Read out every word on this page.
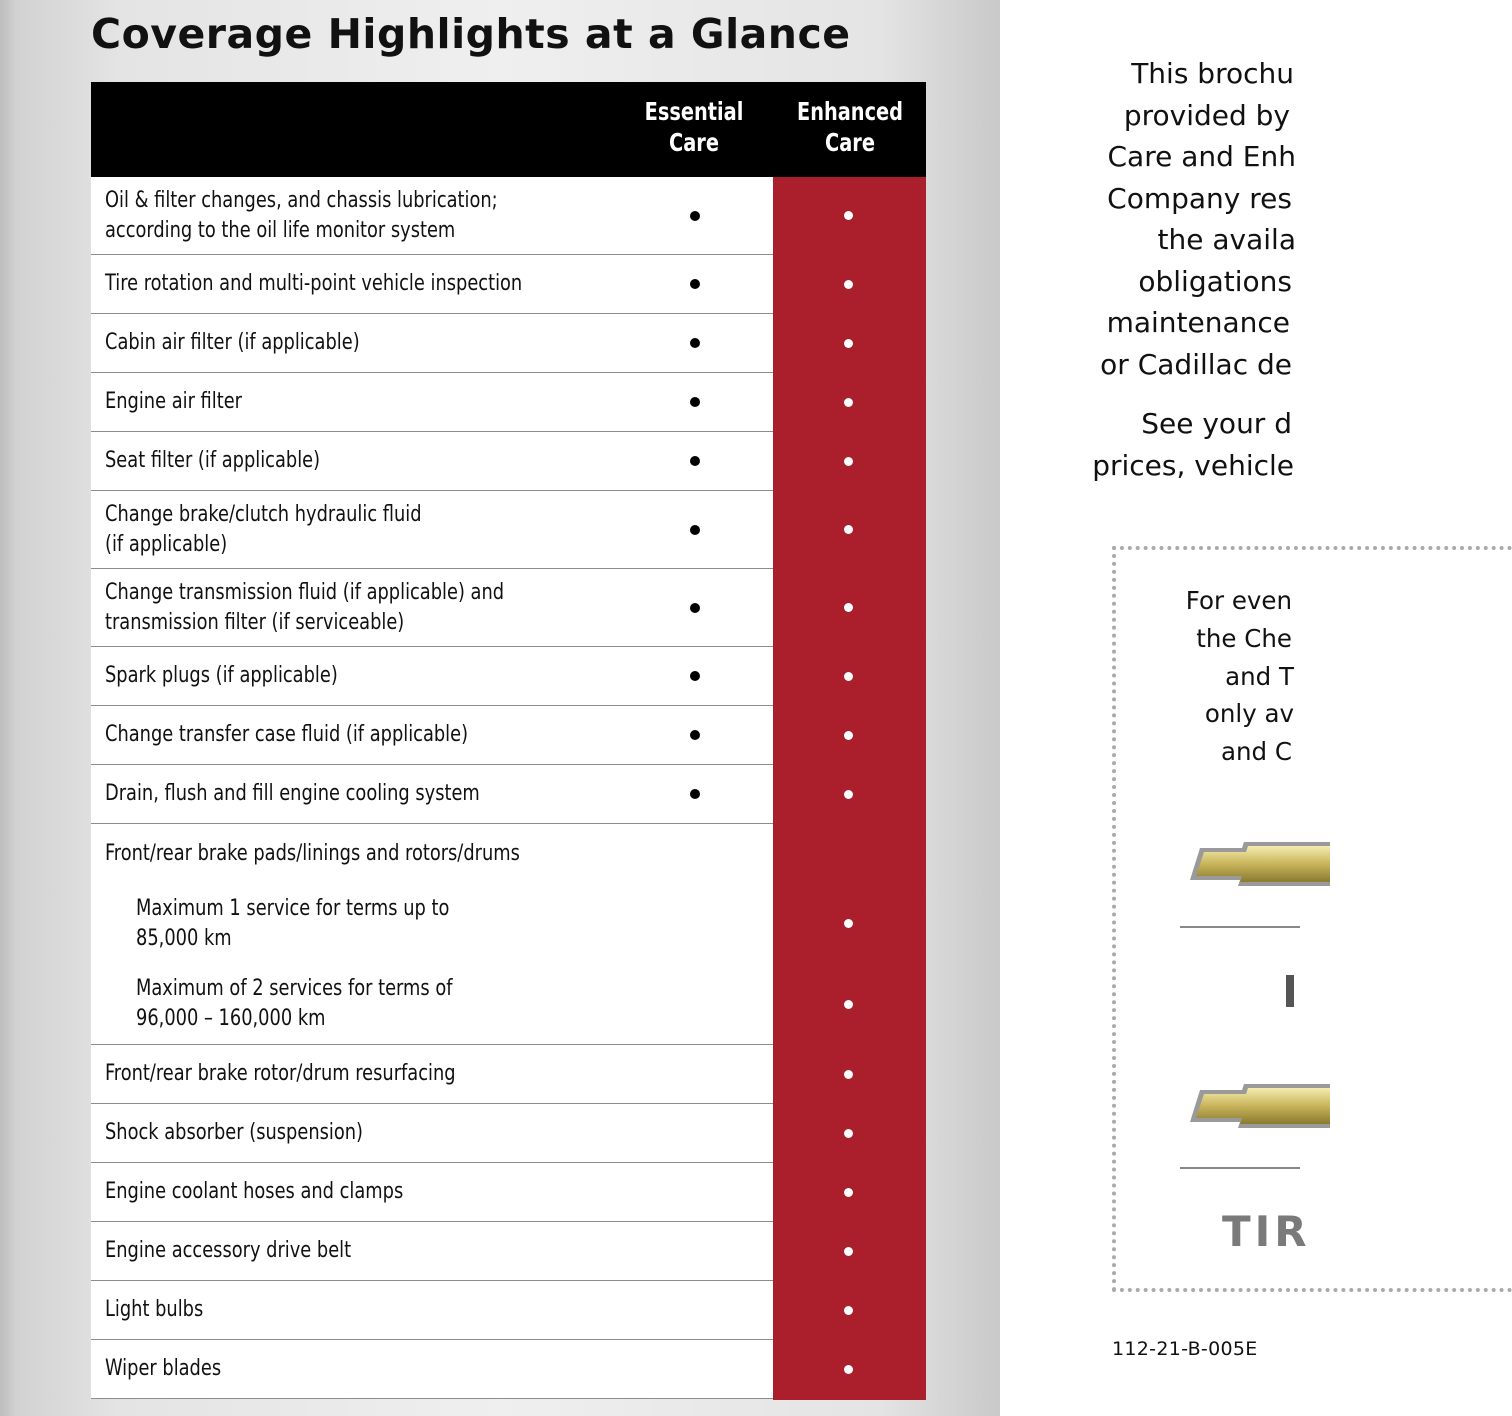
Coverage Highlights at a Glance
Essential
Care
Enhanced
Care
Oil & filter changes, and chassis lubrication;
according to the oil life monitor system
Tire rotation and multi-point vehicle inspection
Cabin air filter (if applicable)
Engine air filter
Seat filter (if applicable)
Change brake/clutch hydraulic fluid
(if applicable)
Change transmission fluid (if applicable) and
transmission filter (if serviceable)
Spark plugs (if applicable)
Change transfer case fluid (if applicable)
Drain, flush and fill engine cooling system
Front/rear brake pads/linings and rotors/drums
Maximum 1 service for terms up to
85,000 km
Maximum of 2 services for terms of
96,000 – 160,000 km
Front/rear brake rotor/drum resurfacing
Shock absorber (suspension)
Engine coolant hoses and clamps
Engine accessory drive belt
Light bulbs
Wiper blades
This brochu
provided by
Care and Enh
Company res
the availa
obligations
maintenance
or Cadillac de
See your d
prices, vehicle
For even
the Che
and T
only av
and C
TIR
112-21-B-005E
